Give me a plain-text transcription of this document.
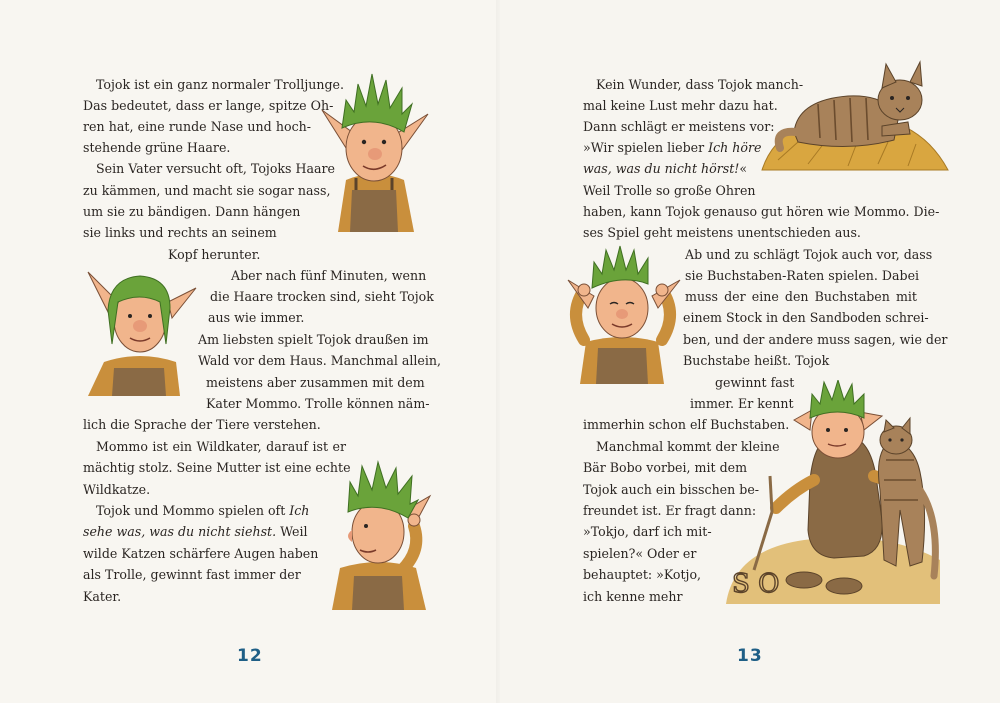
Tojok ist ein ganz normaler Trolljunge.
Das bedeutet, dass er lange, spitze Oh-
ren hat, eine runde Nase und hoch-
stehende grüne Haare.
Sein Vater versucht oft, Tojoks Haare
zu kämmen, und macht sie sogar nass,
um sie zu bändigen. Dann hängen
sie links und rechts an seinem
Kopf herunter.
Aber nach fünf Minuten, wenn
die Haare trocken sind, sieht Tojok
aus wie immer.
Am liebsten spielt Tojok draußen im
Wald vor dem Haus. Manchmal allein,
meistens aber zusammen mit dem
Kater Mommo. Trolle können näm-
lich die Sprache der Tiere verstehen.
Mommo ist ein Wildkater, darauf ist er
mächtig stolz. Seine Mutter ist eine echte
Wildkatze.
Tojok und Mommo spielen oft Ich
sehe was, was du nicht siehst. Weil
wilde Katzen schärfere Augen haben
als Trolle, gewinnt fast immer der
Kater.
12
Kein Wunder, dass Tojok manch-
mal keine Lust mehr dazu hat.
Dann schlägt er meistens vor:
»Wir spielen lieber Ich höre
was, was du nicht hörst!«
Weil Trolle so große Ohren
haben, kann Tojok genauso gut hören wie Mommo. Die-
ses Spiel geht meistens unentschieden aus.
Ab und zu schlägt Tojok auch vor, dass
sie Buchstaben-Raten spielen. Dabei
muss der eine den Buchstaben mit
einem Stock in den Sandboden schrei-
ben, und der andere muss sagen, wie der
Buchstabe heißt. Tojok
gewinnt fast
immer. Er kennt
immerhin schon elf Buchstaben.
Manchmal kommt der kleine
Bär Bobo vorbei, mit dem
Tojok auch ein bisschen be-
freundet ist. Er fragt dann:
»Tokjo, darf ich mit-
spielen?« Oder er
behauptet: »Kotjo,
ich kenne mehr S O
13
